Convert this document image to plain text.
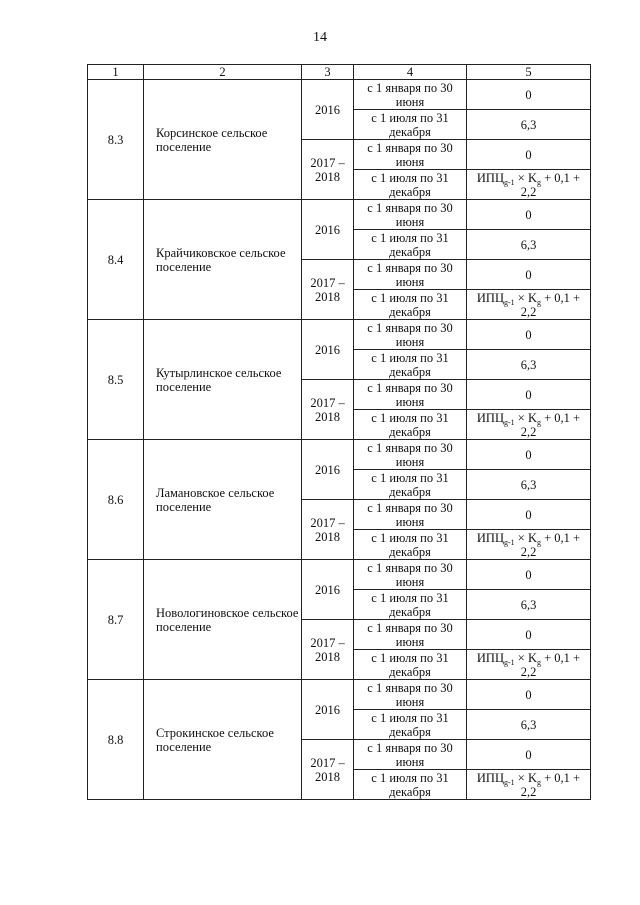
14
1	2	3	4	5
8.3	Корсинское сельское поселение	2016	с 1 января по 30 июня	0
			с 1 июля по 31 декабря	6,3
		2017 – 2018	с 1 января по 30 июня	0
			с 1 июля по 31 декабря	$ИПЦ_{g-1} \times K_g + 0,1 + 2,2$
8.4	Крайчиковское сельское поселение	2016	с 1 января по 30 июня	0
			с 1 июля по 31 декабря	6,3
		2017 – 2018	с 1 января по 30 июня	0
			с 1 июля по 31 декабря	$ИПЦ_{g-1} \times K_g + 0,1 + 2,2$
8.5	Кутырлинское сельское поселение	2016	с 1 января по 30 июня	0
			с 1 июля по 31 декабря	6,3
		2017 – 2018	с 1 января по 30 июня	0
			с 1 июля по 31 декабря	$ИПЦ_{g-1} \times K_g + 0,1 + 2,2$
8.6	Ламановское сельское поселение	2016	с 1 января по 30 июня	0
			с 1 июля по 31 декабря	6,3
		2017 – 2018	с 1 января по 30 июня	0
			с 1 июля по 31 декабря	$ИПЦ_{g-1} \times K_g + 0,1 + 2,2$
8.7	Новологиновское сельское поселение	2016	с 1 января по 30 июня	0
			с 1 июля по 31 декабря	6,3
		2017 – 2018	с 1 января по 30 июня	0
			с 1 июля по 31 декабря	$ИПЦ_{g-1} \times K_g + 0,1 + 2,2$
8.8	Строкинское сельское поселение	2016	с 1 января по 30 июня	0
			с 1 июля по 31 декабря	6,3
		2017 – 2018	с 1 января по 30 июня	0
			с 1 июля по 31 декабря	$ИПЦ_{g-1} \times K_g + 0,1 + 2,2$
